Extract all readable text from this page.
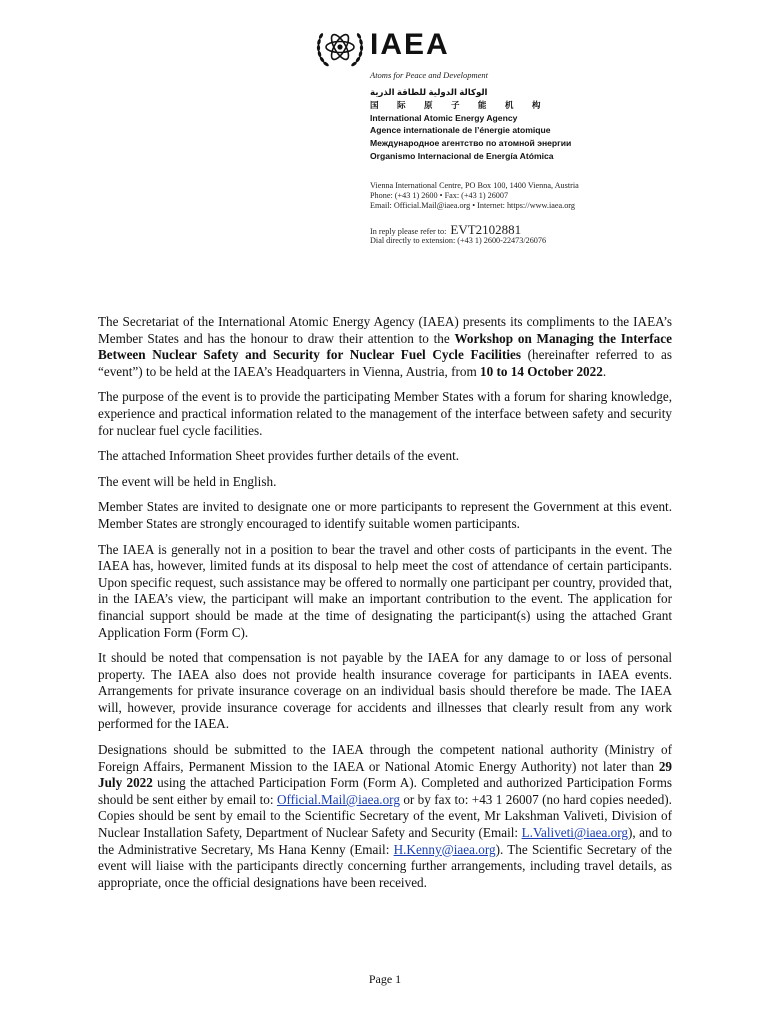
IAEA
Atoms for Peace and Development
الوكالة الدولية للطاقة الذرية
国 际 原 子 能 机 构
International Atomic Energy Agency
Agence internationale de l’énergie atomique
Международное агентство по атомной энергии
Organismo Internacional de Energía Atómica
Vienna International Centre, PO Box 100, 1400 Vienna, Austria
Phone: (+43 1) 2600 • Fax: (+43 1) 26007
Email: Official.Mail@iaea.org • Internet: https://www.iaea.org
In reply please refer to: EVT2102881
Dial directly to extension: (+43 1) 2600-22473/26076

The Secretariat of the International Atomic Energy Agency (IAEA) presents its compliments to the IAEA’s Member States and has the honour to draw their attention to the Workshop on Managing the Interface Between Nuclear Safety and Security for Nuclear Fuel Cycle Facilities (hereinafter referred to as “event”) to be held at the IAEA’s Headquarters in Vienna, Austria, from 10 to 14 October 2022.

The purpose of the event is to provide the participating Member States with a forum for sharing knowledge, experience and practical information related to the management of the interface between safety and security for nuclear fuel cycle facilities.

The attached Information Sheet provides further details of the event.

The event will be held in English.

Member States are invited to designate one or more participants to represent the Government at this event. Member States are strongly encouraged to identify suitable women participants.

The IAEA is generally not in a position to bear the travel and other costs of participants in the event. The IAEA has, however, limited funds at its disposal to help meet the cost of attendance of certain participants. Upon specific request, such assistance may be offered to normally one participant per country, provided that, in the IAEA’s view, the participant will make an important contribution to the event. The application for financial support should be made at the time of designating the participant(s) using the attached Grant Application Form (Form C).

It should be noted that compensation is not payable by the IAEA for any damage to or loss of personal property. The IAEA also does not provide health insurance coverage for participants in IAEA events. Arrangements for private insurance coverage on an individual basis should therefore be made. The IAEA will, however, provide insurance coverage for accidents and illnesses that clearly result from any work performed for the IAEA.

Designations should be submitted to the IAEA through the competent national authority (Ministry of Foreign Affairs, Permanent Mission to the IAEA or National Atomic Energy Authority) not later than 29 July 2022 using the attached Participation Form (Form A). Completed and authorized Participation Forms should be sent either by email to: Official.Mail@iaea.org or by fax to: +43 1 26007 (no hard copies needed). Copies should be sent by email to the Scientific Secretary of the event, Mr Lakshman Valiveti, Division of Nuclear Installation Safety, Department of Nuclear Safety and Security (Email: L.Valiveti@iaea.org), and to the Administrative Secretary, Ms Hana Kenny (Email: H.Kenny@iaea.org). The Scientific Secretary of the event will liaise with the participants directly concerning further arrangements, including travel details, as appropriate, once the official designations have been received.

Page 1
